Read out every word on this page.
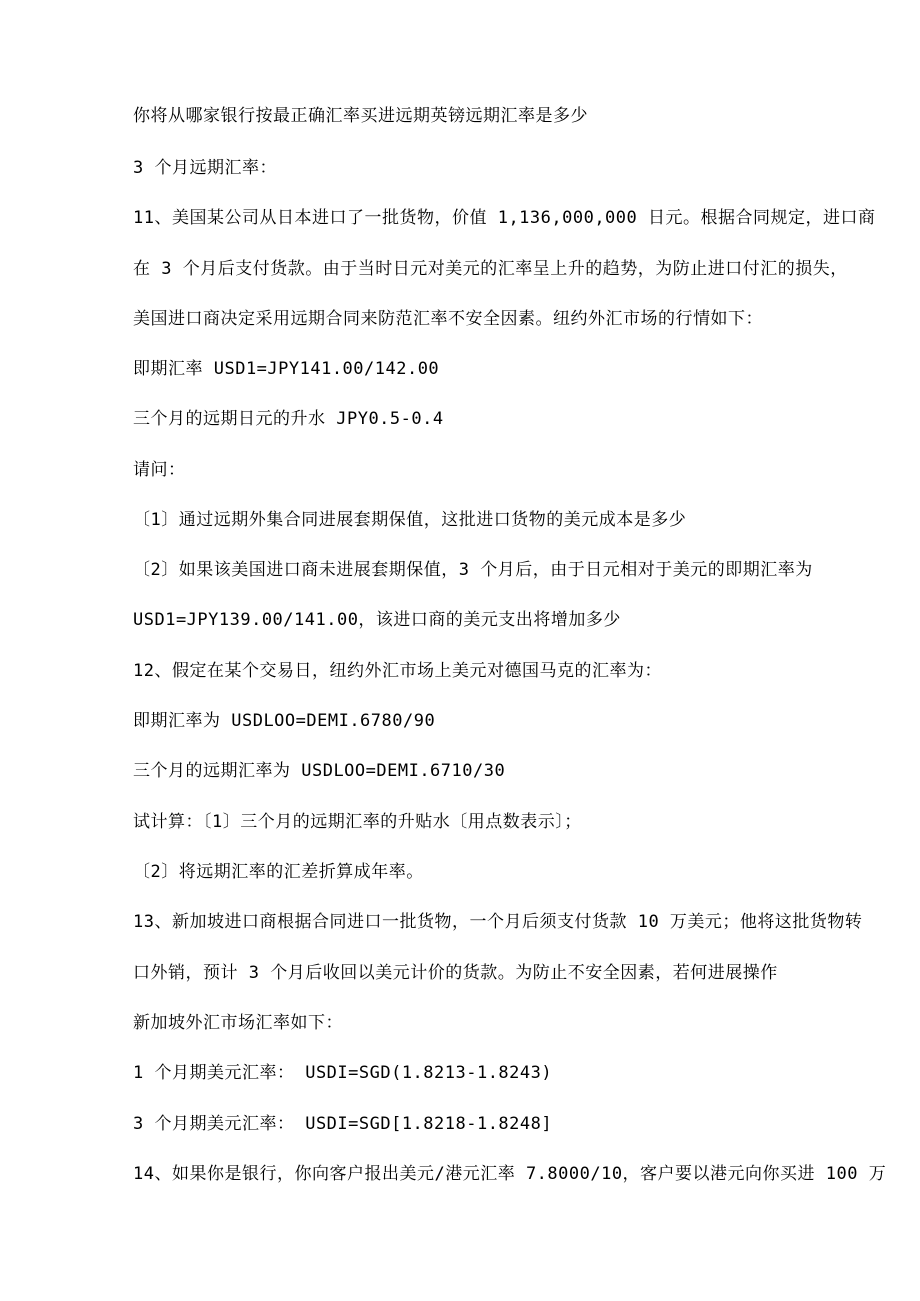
你将从哪家银行按最正确汇率买进远期英镑远期汇率是多少
3 个月远期汇率：
11、美国某公司从日本进口了一批货物，价值 1,136,000,000 日元。根据合同规定，进口商
在 3 个月后支付货款。由于当时日元对美元的汇率呈上升的趋势，为防止进口付汇的损失，
美国进口商决定采用远期合同来防范汇率不安全因素。纽约外汇市场的行情如下：
即期汇率 USD1=JPY141.00/142.00
三个月的远期日元的升水 JPY0.5-0.4
请问：
〔1〕通过远期外集合同进展套期保值，这批进口货物的美元成本是多少
〔2〕如果该美国进口商未进展套期保值，3 个月后，由于日元相对于美元的即期汇率为
USD1=JPY139.00/141.00，该进口商的美元支出将增加多少
12、假定在某个交易日，纽约外汇市场上美元对德国马克的汇率为：
即期汇率为 USDLOO=DEMI.6780/90
三个月的远期汇率为 USDLOO=DEMI.6710/30
试计算：〔1〕三个月的远期汇率的升贴水〔用点数表示〕；
〔2〕将远期汇率的汇差折算成年率。
13、新加坡进口商根据合同进口一批货物，一个月后须支付货款 10 万美元；他将这批货物转
口外销，预计 3 个月后收回以美元计价的货款。为防止不安全因素，若何进展操作
新加坡外汇市场汇率如下：
1 个月期美元汇率： USDI=SGD(1.8213-1.8243)
3 个月期美元汇率： USDI=SGD[1.8218-1.8248]
14、如果你是银行，你向客户报出美元/港元汇率 7.8000/10，客户要以港元向你买进 100 万
